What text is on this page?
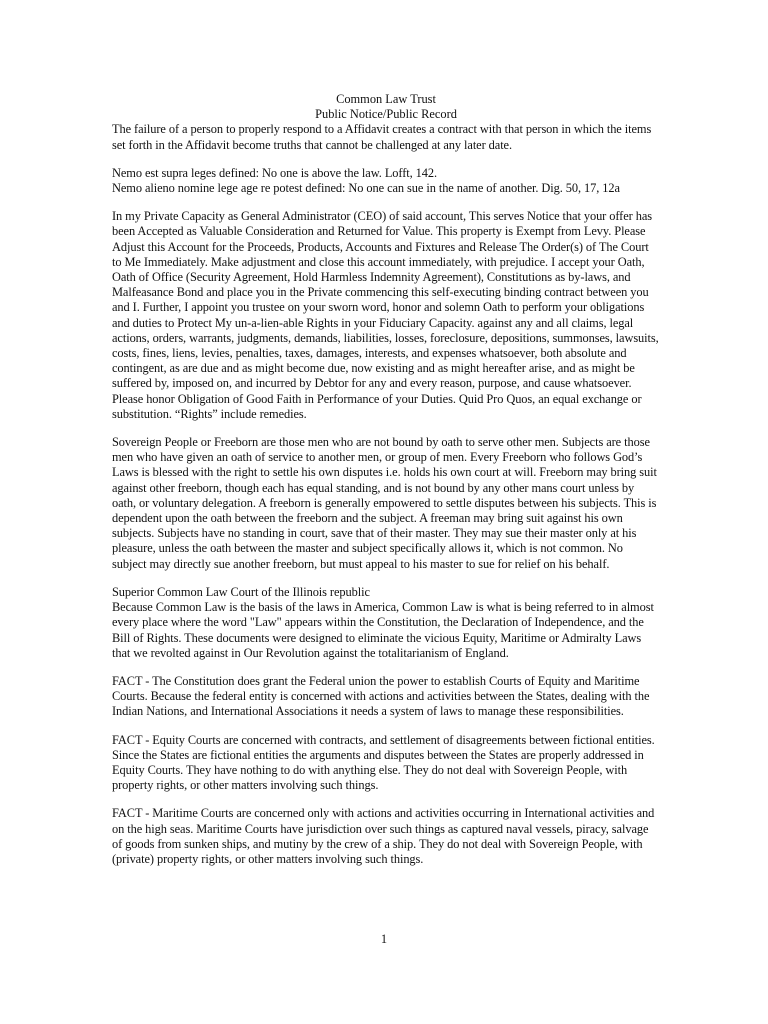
Common Law Trust
Public Notice/Public Record

The failure of a person to properly respond to a Affidavit creates a contract with that person in which the items set forth in the Affidavit become truths that cannot be challenged at any later date.

Nemo est supra leges defined: No one is above the law. Lofft, 142.

Nemo alieno nomine lege age re potest defined: No one can sue in the name of another. Dig. 50, 17, 12a

In my Private Capacity as General Administrator (CEO) of said account, This serves Notice that your offer has been Accepted as Valuable Consideration and Returned for Value. This property is Exempt from Levy. Please Adjust this Account for the Proceeds, Products, Accounts and Fixtures and Release The Order(s) of The Court to Me Immediately. Make adjustment and close this account immediately, with prejudice. I accept your Oath, Oath of Office (Security Agreement, Hold Harmless Indemnity Agreement), Constitutions as by-laws, and Malfeasance Bond and place you in the Private commencing this self-executing binding contract between you and I. Further, I appoint you trustee on your sworn word, honor and solemn Oath to perform your obligations and duties to Protect My un-a-lien-able Rights in your Fiduciary Capacity. against any and all claims, legal actions, orders, warrants, judgments, demands, liabilities, losses, foreclosure, depositions, summonses, lawsuits, costs, fines, liens, levies, penalties, taxes, damages, interests, and expenses whatsoever, both absolute and contingent, as are due and as might become due, now existing and as might hereafter arise, and as might be suffered by, imposed on, and incurred by Debtor for any and every reason, purpose, and cause whatsoever. Please honor Obligation of Good Faith in Performance of your Duties. Quid Pro Quos, an equal exchange or substitution. “Rights” include remedies.

Sovereign People or Freeborn are those men who are not bound by oath to serve other men. Subjects are those men who have given an oath of service to another men, or group of men. Every Freeborn who follows God’s Laws is blessed with the right to settle his own disputes i.e. holds his own court at will. Freeborn may bring suit against other freeborn, though each has equal standing, and is not bound by any other mans court unless by oath, or voluntary delegation. A freeborn is generally empowered to settle disputes between his subjects. This is dependent upon the oath between the freeborn and the subject. A freeman may bring suit against his own subjects. Subjects have no standing in court, save that of their master. They may sue their master only at his pleasure, unless the oath between the master and subject specifically allows it, which is not common. No subject may directly sue another freeborn, but must appeal to his master to sue for relief on his behalf.

Superior Common Law Court of the Illinois republic

Because Common Law is the basis of the laws in America, Common Law is what is being referred to in almost every place where the word "Law" appears within the Constitution, the Declaration of Independence, and the Bill of Rights. These documents were designed to eliminate the vicious Equity, Maritime or Admiralty Laws that we revolted against in Our Revolution against the totalitarianism of England.

FACT - The Constitution does grant the Federal union the power to establish Courts of Equity and Maritime Courts. Because the federal entity is concerned with actions and activities between the States, dealing with the Indian Nations, and International Associations it needs a system of laws to manage these responsibilities.

FACT - Equity Courts are concerned with contracts, and settlement of disagreements between fictional entities. Since the States are fictional entities the arguments and disputes between the States are properly addressed in Equity Courts. They have nothing to do with anything else. They do not deal with Sovereign People, with property rights, or other matters involving such things.

FACT - Maritime Courts are concerned only with actions and activities occurring in International activities and on the high seas. Maritime Courts have jurisdiction over such things as captured naval vessels, piracy, salvage of goods from sunken ships, and mutiny by the crew of a ship. They do not deal with Sovereign People, with (private) property rights, or other matters involving such things.

1
